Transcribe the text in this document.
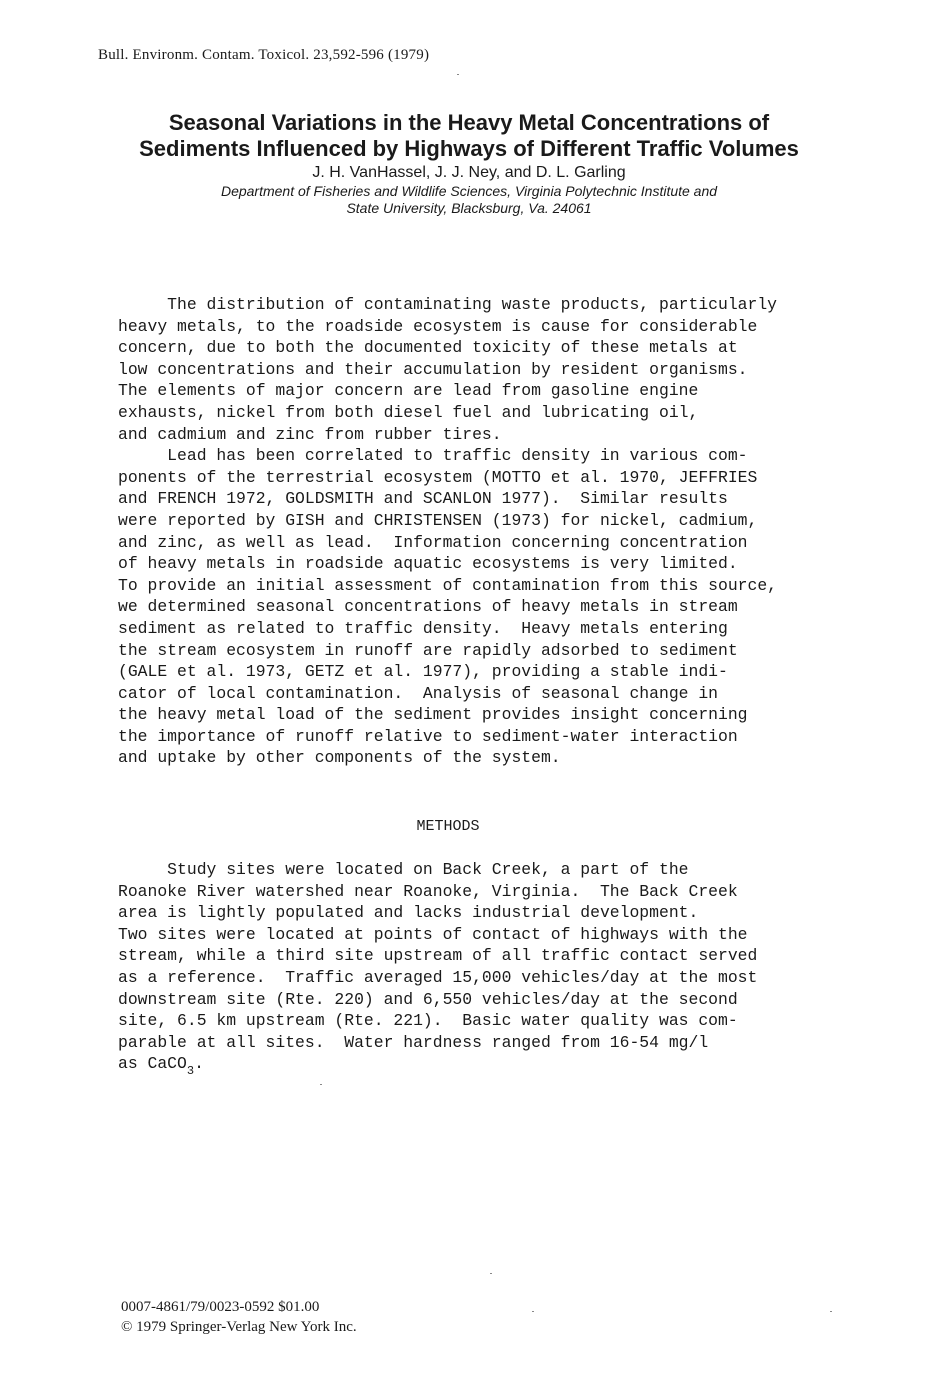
Bull. Environm. Contam. Toxicol. 23,592-596 (1979)
Seasonal Variations in the Heavy Metal Concentrations of
Sediments Influenced by Highways of Different Traffic Volumes
J. H. VanHassel, J. J. Ney, and D. L. Garling
Department of Fisheries and Wildlife Sciences, Virginia Polytechnic Institute and
State University, Blacksburg, Va. 24061
The distribution of contaminating waste products, particularly
heavy metals, to the roadside ecosystem is cause for considerable
concern, due to both the documented toxicity of these metals at
low concentrations and their accumulation by resident organisms.
The elements of major concern are lead from gasoline engine
exhausts, nickel from both diesel fuel and lubricating oil,
and cadmium and zinc from rubber tires.
Lead has been correlated to traffic density in various com-
ponents of the terrestrial ecosystem (MOTTO et al. 1970, JEFFRIES
and FRENCH 1972, GOLDSMITH and SCANLON 1977).  Similar results
were reported by GISH and CHRISTENSEN (1973) for nickel, cadmium,
and zinc, as well as lead.  Information concerning concentration
of heavy metals in roadside aquatic ecosystems is very limited.
To provide an initial assessment of contamination from this source,
we determined seasonal concentrations of heavy metals in stream
sediment as related to traffic density.  Heavy metals entering
the stream ecosystem in runoff are rapidly adsorbed to sediment
(GALE et al. 1973, GETZ et al. 1977), providing a stable indi-
cator of local contamination.  Analysis of seasonal change in
the heavy metal load of the sediment provides insight concerning
the importance of runoff relative to sediment-water interaction
and uptake by other components of the system.
METHODS
Study sites were located on Back Creek, a part of the
Roanoke River watershed near Roanoke, Virginia.  The Back Creek
area is lightly populated and lacks industrial development.
Two sites were located at points of contact of highways with the
stream, while a third site upstream of all traffic contact served
as a reference.  Traffic averaged 15,000 vehicles/day at the most
downstream site (Rte. 220) and 6,550 vehicles/day at the second
site, 6.5 km upstream (Rte. 221).  Basic water quality was com-
parable at all sites.  Water hardness ranged from 16-54 mg/l
as CaCO$_3$.
0007-4861/79/0023-0592 $01.00
© 1979 Springer-Verlag New York Inc.
